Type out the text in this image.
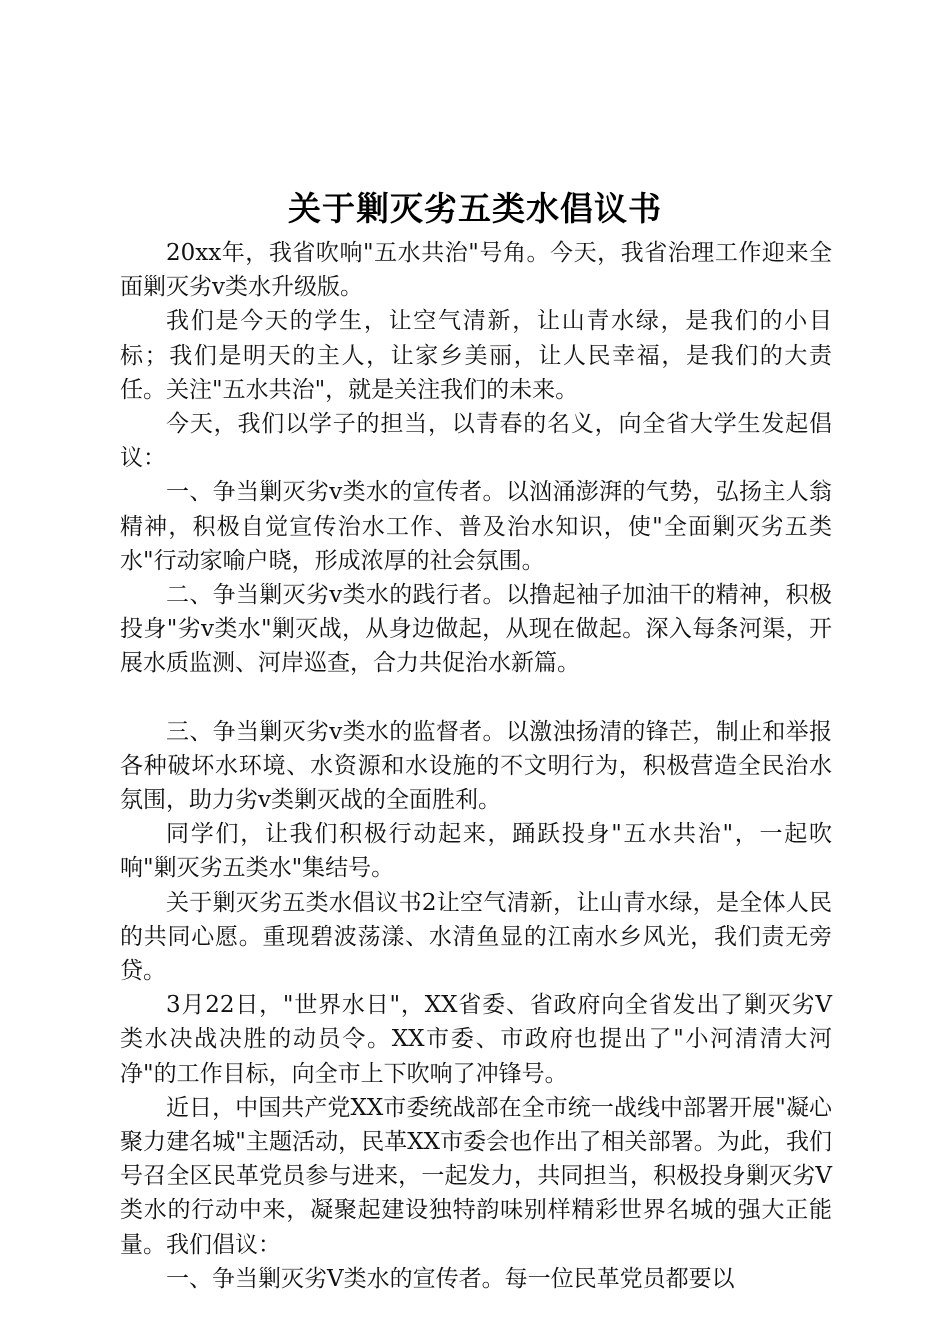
关于剿灭劣五类水倡议书

20xx年，我省吹响"五水共治"号角。今天，我省治理工作迎来全面剿灭劣v类水升级版。

我们是今天的学生，让空气清新，让山青水绿，是我们的小目标；我们是明天的主人，让家乡美丽，让人民幸福，是我们的大责任。关注"五水共治"，就是关注我们的未来。

今天，我们以学子的担当，以青春的名义，向全省大学生发起倡议：

一、争当剿灭劣v类水的宣传者。以汹涌澎湃的气势，弘扬主人翁精神，积极自觉宣传治水工作、普及治水知识，使"全面剿灭劣五类水"行动家喻户晓，形成浓厚的社会氛围。

二、争当剿灭劣v类水的践行者。以撸起袖子加油干的精神，积极投身"劣v类水"剿灭战，从身边做起，从现在做起。深入每条河渠，开展水质监测、河岸巡查，合力共促治水新篇。

三、争当剿灭劣v类水的监督者。以激浊扬清的锋芒，制止和举报各种破坏水环境、水资源和水设施的不文明行为，积极营造全民治水氛围，助力劣v类剿灭战的全面胜利。

同学们，让我们积极行动起来，踊跃投身"五水共治"，一起吹响"剿灭劣五类水"集结号。

关于剿灭劣五类水倡议书2让空气清新，让山青水绿，是全体人民的共同心愿。重现碧波荡漾、水清鱼显的江南水乡风光，我们责无旁贷。

3月22日，"世界水日"，XX省委、省政府向全省发出了剿灭劣Ⅴ类水决战决胜的动员令。XX市委、市政府也提出了"小河清清大河净"的工作目标，向全市上下吹响了冲锋号。

近日，中国共产党XX市委统战部在全市统一战线中部署开展"凝心聚力建名城"主题活动，民革XX市委会也作出了相关部署。为此，我们号召全区民革党员参与进来，一起发力，共同担当，积极投身剿灭劣Ⅴ类水的行动中来，凝聚起建设独特韵味别样精彩世界名城的强大正能量。我们倡议：

一、争当剿灭劣Ⅴ类水的宣传者。每一位民革党员都要以
